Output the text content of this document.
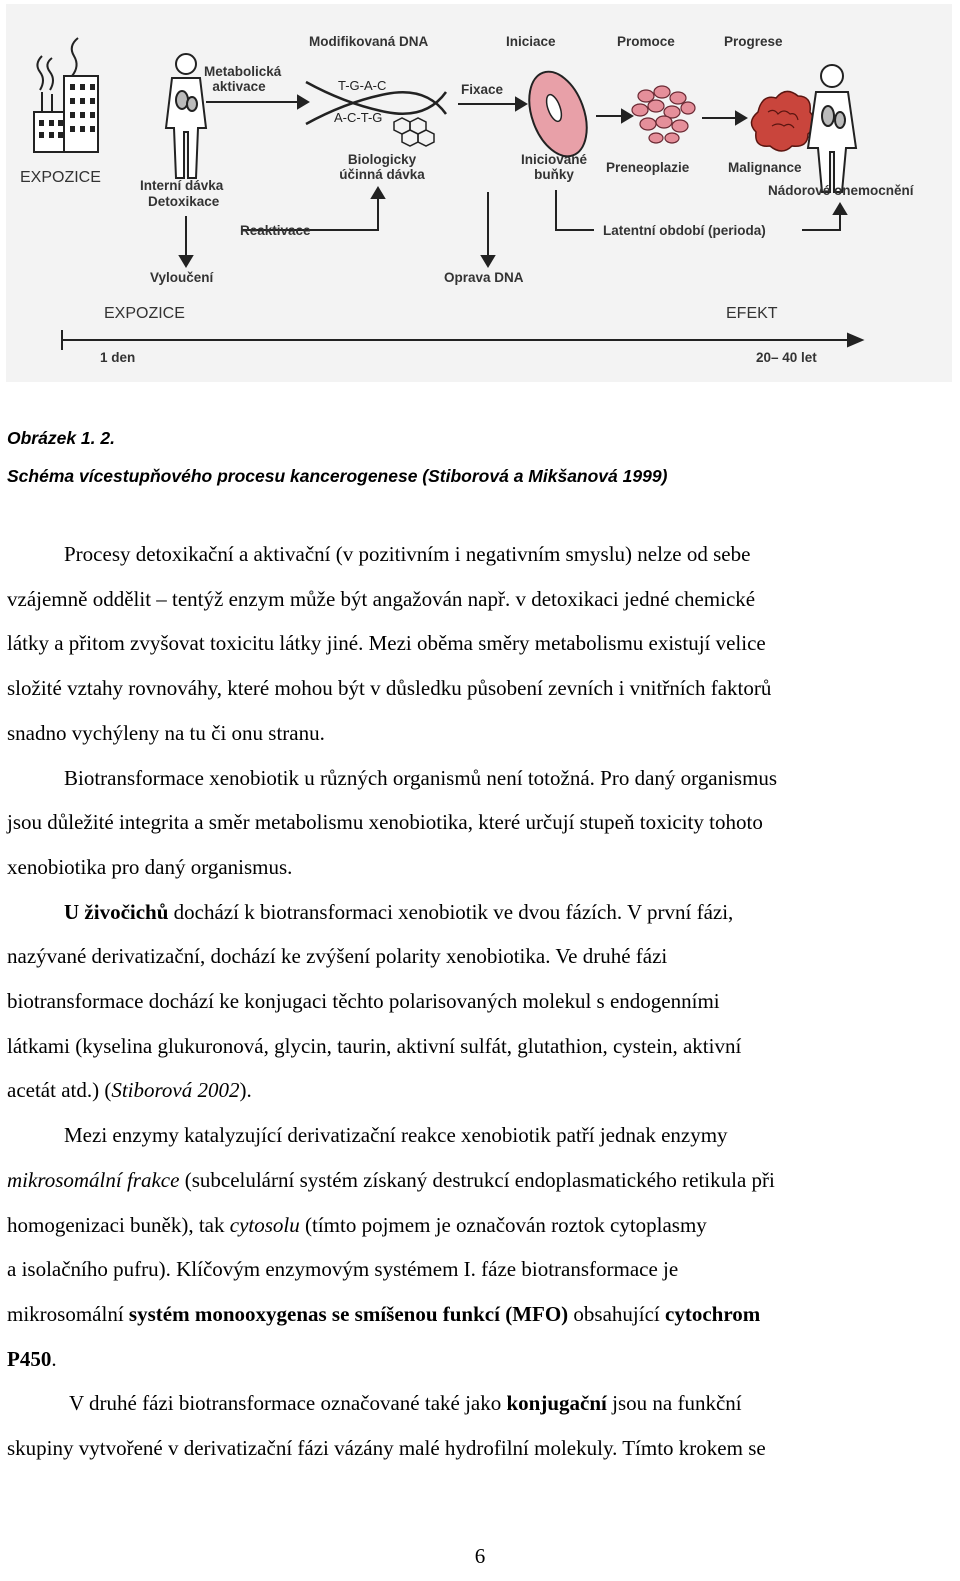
T-G-A-C
A-C-T-G
Modifikovaná DNA	Iniciace	Promoce	Progrese
Metabolická aktivace	Fixace
EXPOZICE	Interní dávka
Detoxikace
Biologicky účinná dávka
Iniciované buňky	Preneoplazie	Malignance
Nádorové onemocnění
Reaktivace	Latentní období (perioda)
Vyloučení	Oprava DNA
EXPOZICE	EFEKT
1 den	20– 40 let
Obrázek 1. 2.
Schéma vícestupňového procesu kancerogenese (Stiborová a Mikšanová 1999)

Procesy detoxikační a aktivační (v pozitivním i negativním smyslu) nelze od sebe

vzájemně oddělit – tentýž enzym může být angažován např. v detoxikaci jedné chemické

látky a přitom zvyšovat toxicitu látky jiné. Mezi oběma směry metabolismu existují velice

složité vztahy rovnováhy, které mohou být v důsledku působení zevních i vnitřních faktorů

snadno vychýleny na tu či onu stranu.

Biotransformace xenobiotik u různých organismů není totožná. Pro daný organismus

jsou důležité integrita a směr metabolismu xenobiotika, které určují stupeň toxicity tohoto

xenobiotika pro daný organismus.

U živočichů dochází k biotransformaci xenobiotik ve dvou fázích. V první fázi,

nazývané derivatizační, dochází ke zvýšení polarity xenobiotika. Ve druhé fázi

biotransformace dochází ke konjugaci těchto polarisovaných molekul s endogenními

látkami (kyselina glukuronová, glycin, taurin, aktivní sulfát, glutathion, cystein, aktivní

acetát atd.) (Stiborová 2002).

Mezi enzymy katalyzující derivatizační reakce xenobiotik patří jednak enzymy

mikrosomální frakce (subcelulární systém získaný destrukcí endoplasmatického retikula při

homogenizaci buněk), tak cytosolu (tímto pojmem je označován roztok cytoplasmy

a isolačního pufru). Klíčovým enzymovým systémem I. fáze biotransformace je

mikrosomální systém monooxygenas se smíšenou funkcí (MFO) obsahující cytochrom

P450.

V druhé fázi biotransformace označované také jako konjugační jsou na funkční

skupiny vytvořené v derivatizační fázi vázány malé hydrofilní molekuly. Tímto krokem se

6
